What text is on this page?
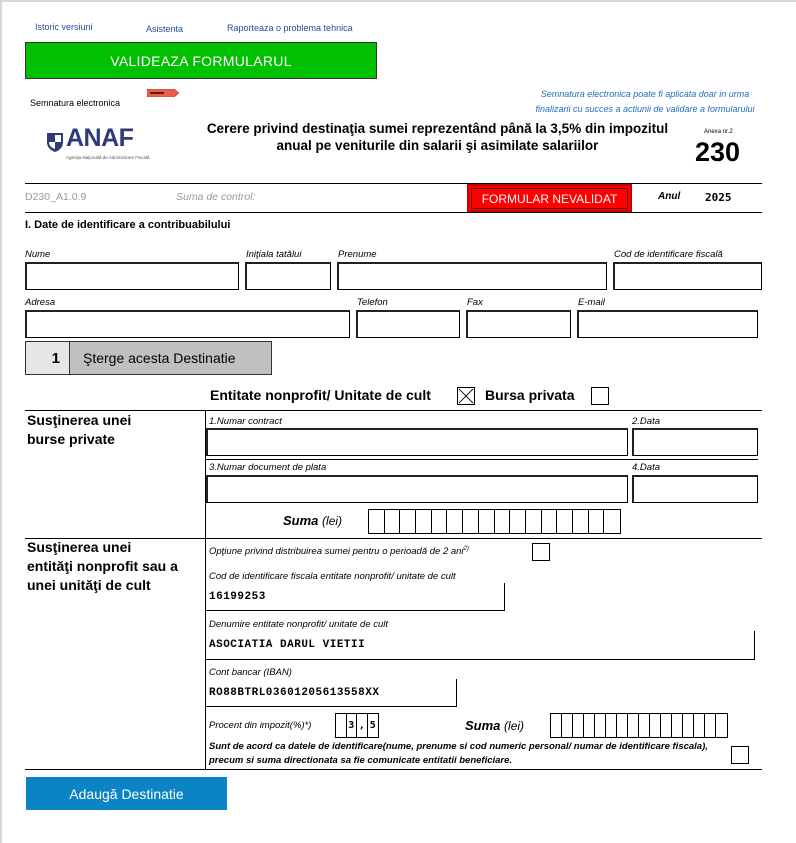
Istoric versiuni	Asistenta	Raporteaza o problema tehnica
VALIDEAZA FORMULARUL
Semnatura electronica
Semnatura electronica poate fi aplicata doar in urma
finalizarii cu succes a actiunii de validare a formularului
ANAF
Agenţia Naţională de Administrare Fiscală
Cerere privind destinaţia sumei reprezentând până la 3,5% din impozitul
anual pe veniturile din salarii şi asimilate salariilor
Anexa nr.2
230
D230_A1.0.9	Suma de control:	FORMULAR NEVALIDAT	Anul 2025
I. Date de identificare a contribuabilului
Nume	Iniţiala tatălui	Prenume	Cod de identificare fiscală
Adresa	Telefon	Fax	E-mail
1	Şterge acesta Destinatie
Entitate nonprofit/ Unitate de cult	Bursa privata
Susţinerea unei
burse private
1.Numar contract	2.Data
3.Numar document de plata	4.Data
Suma (lei)
Susţinerea unei
entităţi nonprofit sau a
unei unităţi de cult
Opţiune privind distribuirea sumei pentru o perioadă de 2 ani$^{2)}$
Cod de identificare fiscala entitate nonprofit/ unitate de cult
16199253
Denumire entitate nonprofit/ unitate de cult
ASOCIATIA DARUL VIETII
Cont bancar (IBAN)
RO88BTRL03601205613558XX
Procent din impozit(%)*)	3 , 5	Suma (lei)
Sunt de acord ca datele de identificare(nume, prenume si cod numeric personal/ numar de identificare fiscala), precum si suma directionata sa fie comunicate entitatii beneficiare.
Adaugă Destinatie
